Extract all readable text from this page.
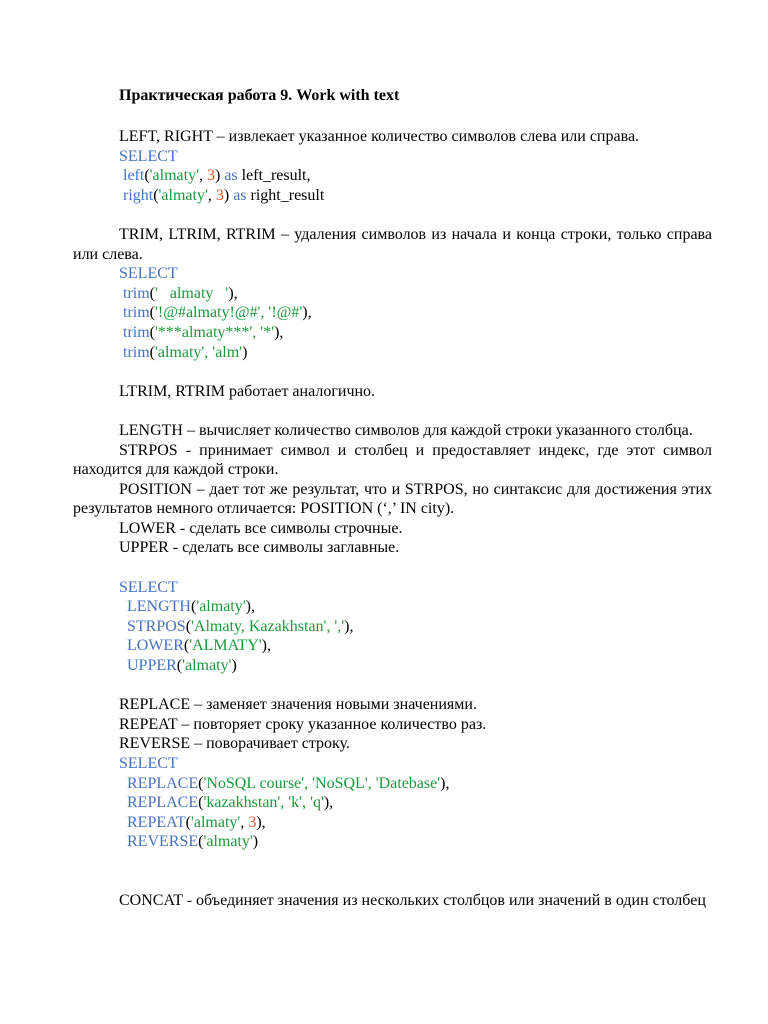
Практическая работа 9. Work with text

LEFT, RIGHT – извлекает указанное количество символов слева или справа.

SELECT
left('almaty', 3) as left_result,
right('almaty', 3) as right_result

TRIM, LTRIM, RTRIM – удаления символов из начала и конца строки, только справа или слева.

SELECT
trim('   almaty   '),
trim('!@#almaty!@#', '!@#'),
trim('***almaty***', '*'),
trim('almaty', 'alm')
LTRIM, RTRIM работает аналогично.

LENGTH – вычисляет количество символов для каждой строки указанного столбца.

STRPOS - принимает символ и столбец и предоставляет индекс, где этот символ находится для каждой строки.

POSITION – дает тот же результат, что и STRPOS, но синтаксис для достижения этих результатов немного отличается: POSITION (‘,’ IN city).

LOWER - сделать все символы строчные.
UPPER - сделать все символы заглавные.
SELECT
LENGTH('almaty'),
STRPOS('Almaty, Kazakhstan', ','),
LOWER('ALMATY'),
UPPER('almaty')
REPLACE – заменяет значения новыми значениями.
REPEAT – повторяет сроку указанное количество раз.
REVERSE – поворачивает строку.
SELECT
REPLACE('NoSQL course', 'NoSQL', 'Datebase'),
REPLACE('kazakhstan', 'k', 'q'),
REPEAT('almaty', 3),
REVERSE('almaty')

CONCAT - объединяет значения из нескольких столбцов или значений в один столбец
